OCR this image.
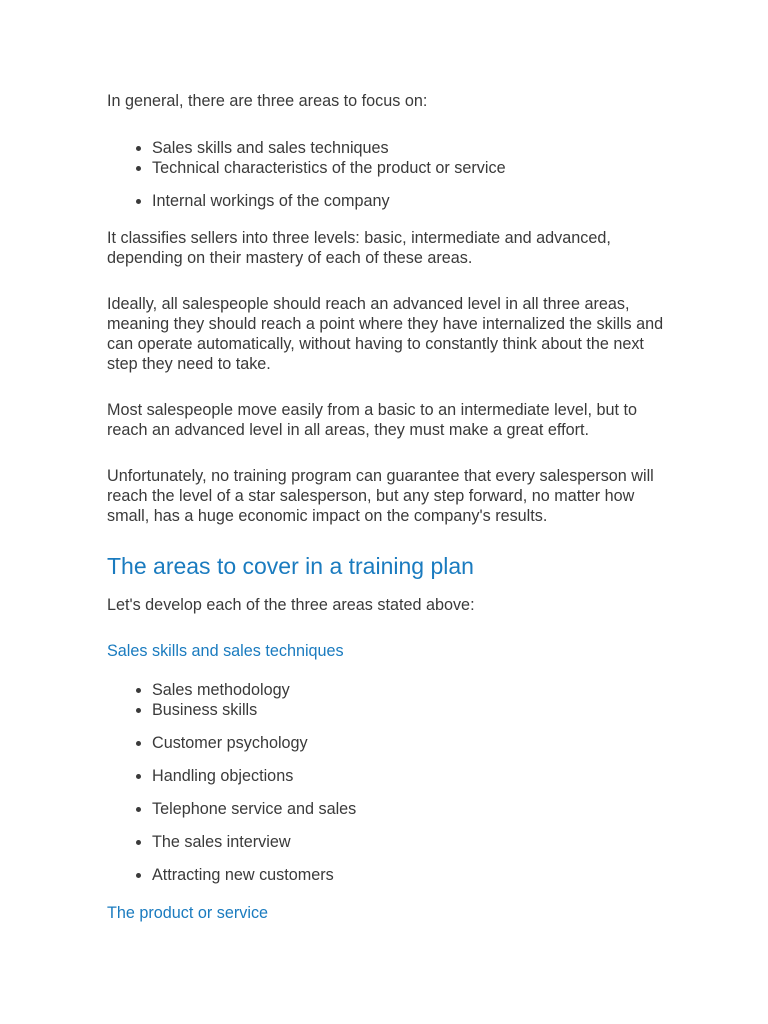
In general, there are three areas to focus on:

• Sales skills and sales techniques
• Technical characteristics of the product or service
• Internal workings of the company

It classifies sellers into three levels: basic, intermediate and advanced, depending on their mastery of each of these areas.

Ideally, all salespeople should reach an advanced level in all three areas, meaning they should reach a point where they have internalized the skills and can operate automatically, without having to constantly think about the next step they need to take.

Most salespeople move easily from a basic to an intermediate level, but to reach an advanced level in all areas, they must make a great effort.

Unfortunately, no training program can guarantee that every salesperson will reach the level of a star salesperson, but any step forward, no matter how small, has a huge economic impact on the company's results.

The areas to cover in a training plan

Let's develop each of the three areas stated above:

Sales skills and sales techniques
• Sales methodology
• Business skills
• Customer psychology
• Handling objections
• Telephone service and sales
• The sales interview
• Attracting new customers
The product or service
